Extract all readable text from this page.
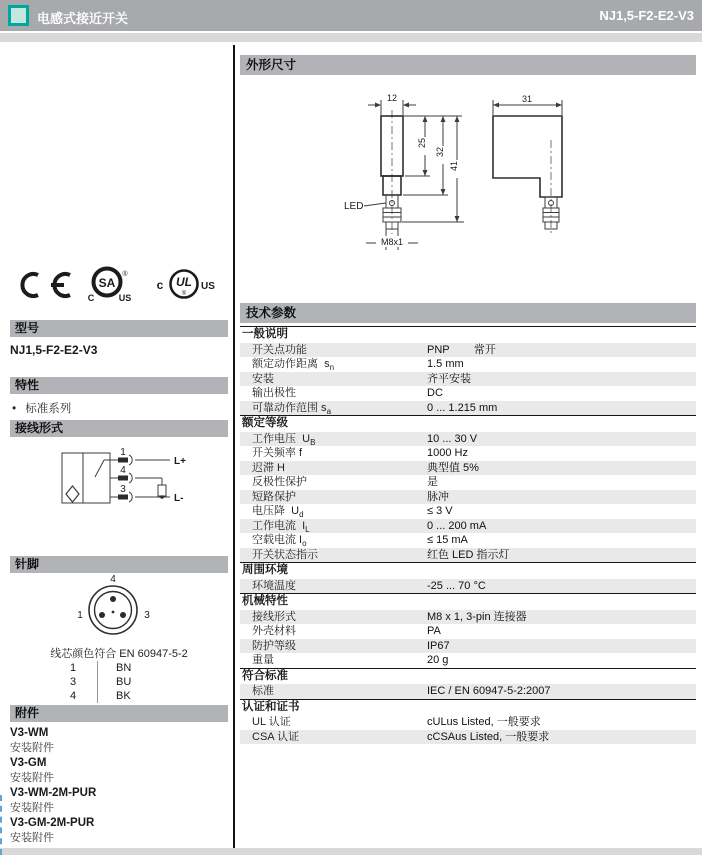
电感式接近开关	NJ1,5-F2-E2-V3
SA
®
C	US
c UL
®
US
型号
NJ1,5-F2-E2-V3
特性
• 标准系列
接线形式
1
4
3
L+
L-
针脚
4
1	3
线芯颜色符合 EN 60947-5-2
1	BN
3	BU
4	BK
附件
V3-WM
安装附件
V3-GM
安装附件
V3-WM-2M-PUR
安装附件
V3-GM-2M-PUR
安装附件
外形尺寸
12
25
32
41
LED
M8x1
31
技术参数
一般说明
开关点功能	PNP        常开
额定动作距离  $s_n$	1.5 mm
安装	齐平安装
输出极性	DC
可靠动作范围 $s_a$	0 ... 1.215 mm
额定等级
工作电压  $U_B$	10 ... 30 V
开关频率 f	1000 Hz
迟滞 H	典型值 5%
反极性保护	是
短路保护	脉冲
电压降  $U_d$	≤ 3 V
工作电流  $I_L$	0 ... 200 mA
空载电流 $I_o$	≤ 15 mA
开关状态指示	红色 LED 指示灯
周围环境
环境温度	-25 ... 70 °C
机械特性
接线形式	M8 x 1, 3-pin 连接器
外壳材料	PA
防护等级	IP67
重量	20 g
符合标准
标准	IEC / EN 60947-5-2:2007
认证和证书
UL 认证	cULus Listed, 一般要求
CSA 认证	cCSAus Listed, 一般要求
